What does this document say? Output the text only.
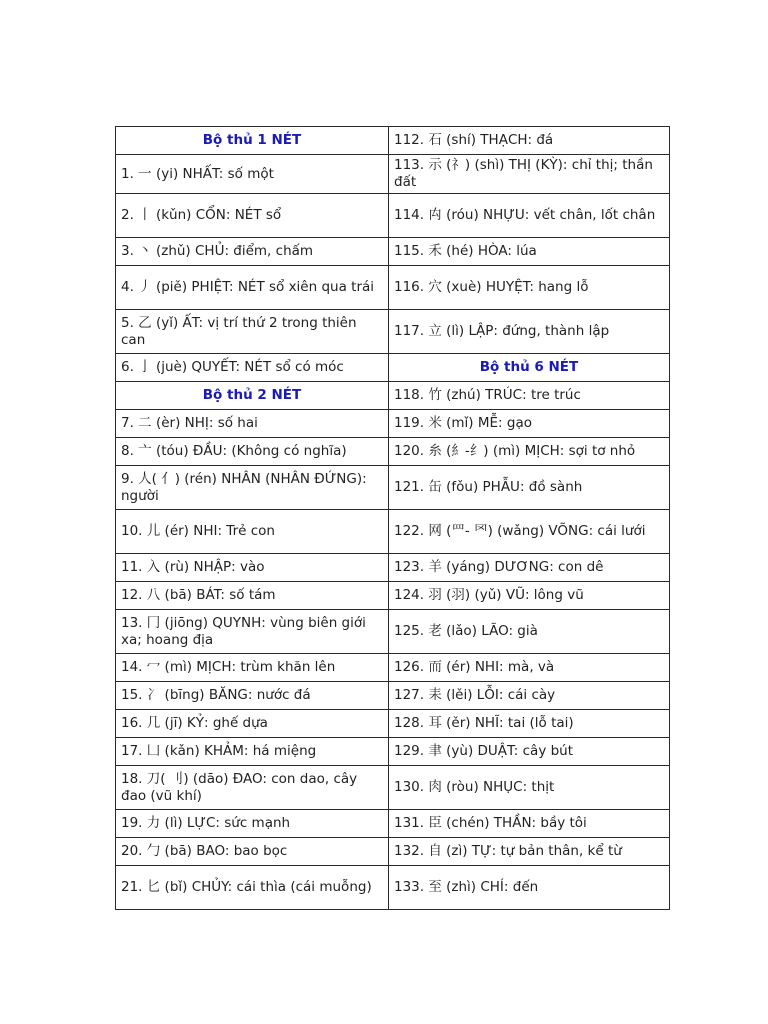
Bộ thủ 1 NÉT	112. 石 (shí) THẠCH: đá
1. 一 (yi) NHẤT: số một	113. 示 (⺭) (shì) THỊ (KỲ): chỉ thị; thần đất
2. 丨 (kǔn) CỔN: NÉT sổ	114. 禸 (róu) NHỰU: vết chân, lốt chân
3. 丶 (zhǔ) CHỦ: điểm, chấm	115. 禾 (hé) HÒA: lúa
4. 丿 (piě) PHIỆT: NÉT sổ xiên qua trái	116. 穴 (xuè) HUYỆT: hang lỗ
5. 乙 (yǐ) ẤT: vị trí thứ 2 trong thiên can	117. 立 (lì) LẬP: đứng, thành lập
6. 亅 (juè) QUYẾT: NÉT sổ có móc	Bộ thủ 6 NÉT
Bộ thủ 2 NÉT	118. 竹 (zhú) TRÚC: tre trúc
7. 二 (èr) NHỊ: số hai	119. 米 (mǐ) MỄ: gạo
8. 亠 (tóu) ĐẦU: (Không có nghĩa)	120. 糸 (糹-纟) (mì) MỊCH: sợi tơ nhỏ
9. 人( 亻) (rén) NHÂN (NHÂN ĐỨNG): người	121. 缶 (fǒu) PHẪU: đồ sành
10. 儿 (ér) NHI: Trẻ con	122. 网 (⺲- 罓) (wǎng) VÕNG: cái lưới
11. 入 (rù) NHẬP: vào	123. 羊 (yáng) DƯƠNG: con dê
12. 八 (bā) BÁT: số tám	124. 羽 (羽) (yǔ) VŨ: lông vũ
13. 冂 (jiōng) QUYNH: vùng biên giới xa; hoang địa	125. 老 (lǎo) LÃO: già
14. 冖 (mì) MỊCH: trùm khăn lên	126. 而 (ér) NHI: mà, và
15. 冫 (bīng) BĂNG: nước đá	127. 耒 (lěi) LỖI: cái cày
16. 几 (jī) KỶ: ghế dựa	128. 耳 (ěr) NHĨ: tai (lỗ tai)
17. 凵 (kǎn) KHẢM: há miệng	129. 聿 (yù) DUẬT: cây bút
18. 刀( 刂) (dāo) ĐAO: con dao, cây đao (vũ khí)	130. 肉 (ròu) NHỤC: thịt
19. 力 (lì) LỰC: sức mạnh	131. 臣 (chén) THẦN: bầy tôi
20. 勹 (bā) BAO: bao bọc	132. 自 (zì) TỰ: tự bản thân, kể từ
21. 匕 (bǐ) CHỦY: cái thìa (cái muỗng)	133. 至 (zhì) CHÍ: đến
